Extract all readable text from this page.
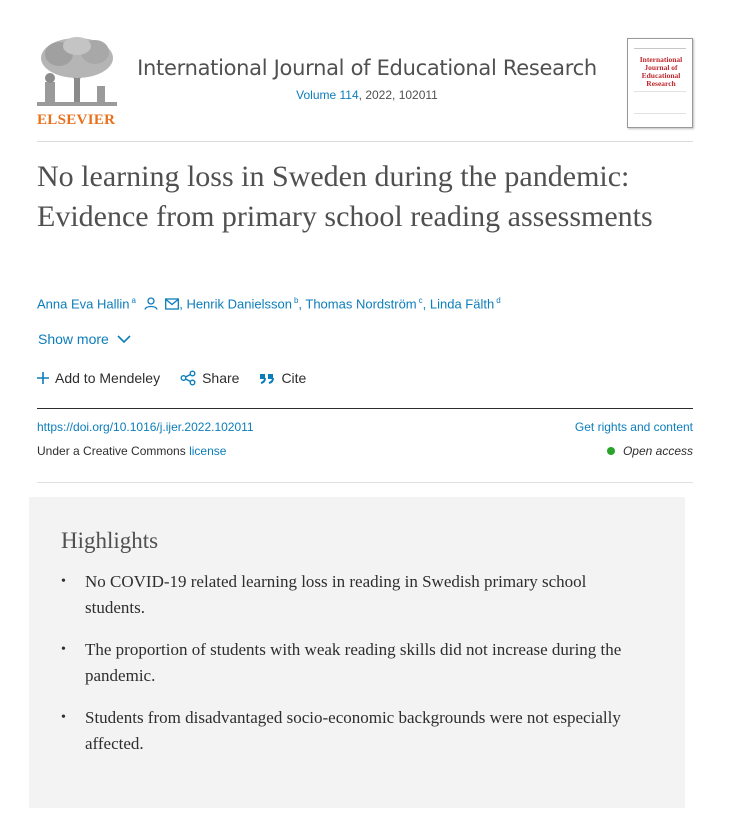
ELSEVIER
International Journal of Educational Research
Volume 114, 2022, 102011
International Journal of Educational Research
No learning loss in Sweden during the pandemic: Evidence from primary school reading assessments
Anna Eva Hallin $^a$	, Henrik Danielsson $^b$, Thomas Nordström $^c$, Linda Fälth $^d$
Show more
Add to Mendeley	Share	Cite
https://doi.org/10.1016/j.ijer.2022.102011	Get rights and content
Under a Creative Commons license	Open access
Highlights
• No COVID-19 related learning loss in reading in Swedish primary school students.
• The proportion of students with weak reading skills did not increase during the pandemic.
• Students from disadvantaged socio-economic backgrounds were not especially affected.
